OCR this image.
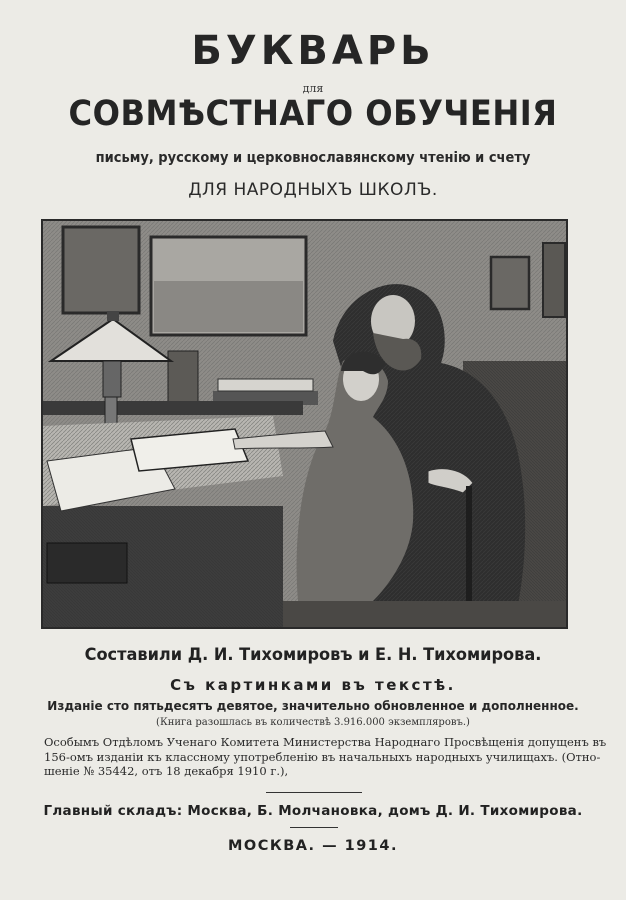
БУКВАРЬ
для
СОВМѢСТНАГО ОБУЧЕНІЯ
письму, русскому и церковнославянскому чтенію и счету
ДЛЯ НАРОДНЫХЪ ШКОЛЪ.
Составили Д. И. Тихомировъ и Е. Н. Тихомирова.
Съ картинками въ текстѣ.
Изданіе сто пятьдесятъ девятое, значительно обновленное и дополненное.
(Книга разошлась въ количествѣ 3.916.000 экземпляровъ.)
Особымъ Отдѣломъ Ученаго Комитета Министерства Народнаго Просвѣщенія допущенъ въ
156-омъ изданіи къ классному употребленію въ начальныхъ народныхъ училищахъ. (Отно-
шеніе № 35442, отъ 18 декабря 1910 г.),
Главный складъ: Москва, Б. Молчановка, домъ Д. И. Тихомирова.
МОСКВА. — 1914.
